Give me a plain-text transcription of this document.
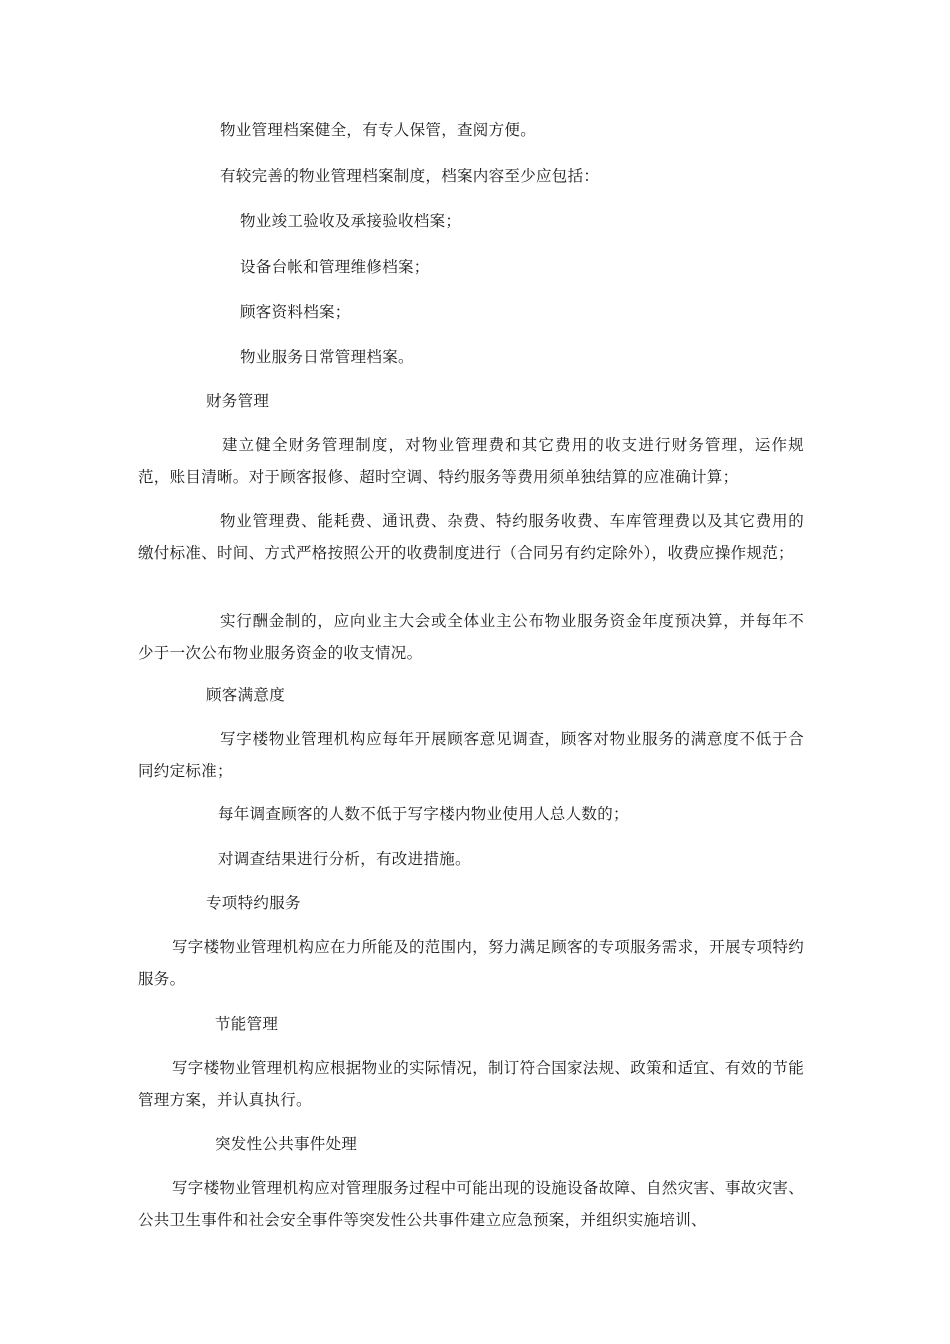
物业管理档案健全，有专人保管，查阅方便。
有较完善的物业管理档案制度，档案内容至少应包括：
物业竣工验收及承接验收档案；
设备台帐和管理维修档案；
顾客资料档案；
物业服务日常管理档案。
财务管理
建立健全财务管理制度，对物业管理费和其它费用的收支进行财务管理，运作规范，账目清晰。对于顾客报修、超时空调、特约服务等费用须单独结算的应准确计算；
物业管理费、能耗费、通讯费、杂费、特约服务收费、车库管理费以及其它费用的缴付标准、时间、方式严格按照公开的收费制度进行（合同另有约定除外），收费应操作规范；
实行酬金制的，应向业主大会或全体业主公布物业服务资金年度预决算，并每年不少于一次公布物业服务资金的收支情况。
顾客满意度
写字楼物业管理机构应每年开展顾客意见调查，顾客对物业服务的满意度不低于合同约定标准；
每年调查顾客的人数不低于写字楼内物业使用人总人数的；
对调查结果进行分析，有改进措施。
专项特约服务
写字楼物业管理机构应在力所能及的范围内，努力满足顾客的专项服务需求，开展专项特约服务。
节能管理
写字楼物业管理机构应根据物业的实际情况，制订符合国家法规、政策和适宜、有效的节能管理方案，并认真执行。
突发性公共事件处理
写字楼物业管理机构应对管理服务过程中可能出现的设施设备故障、自然灾害、事故灾害、公共卫生事件和社会安全事件等突发性公共事件建立应急预案，并组织实施培训、
